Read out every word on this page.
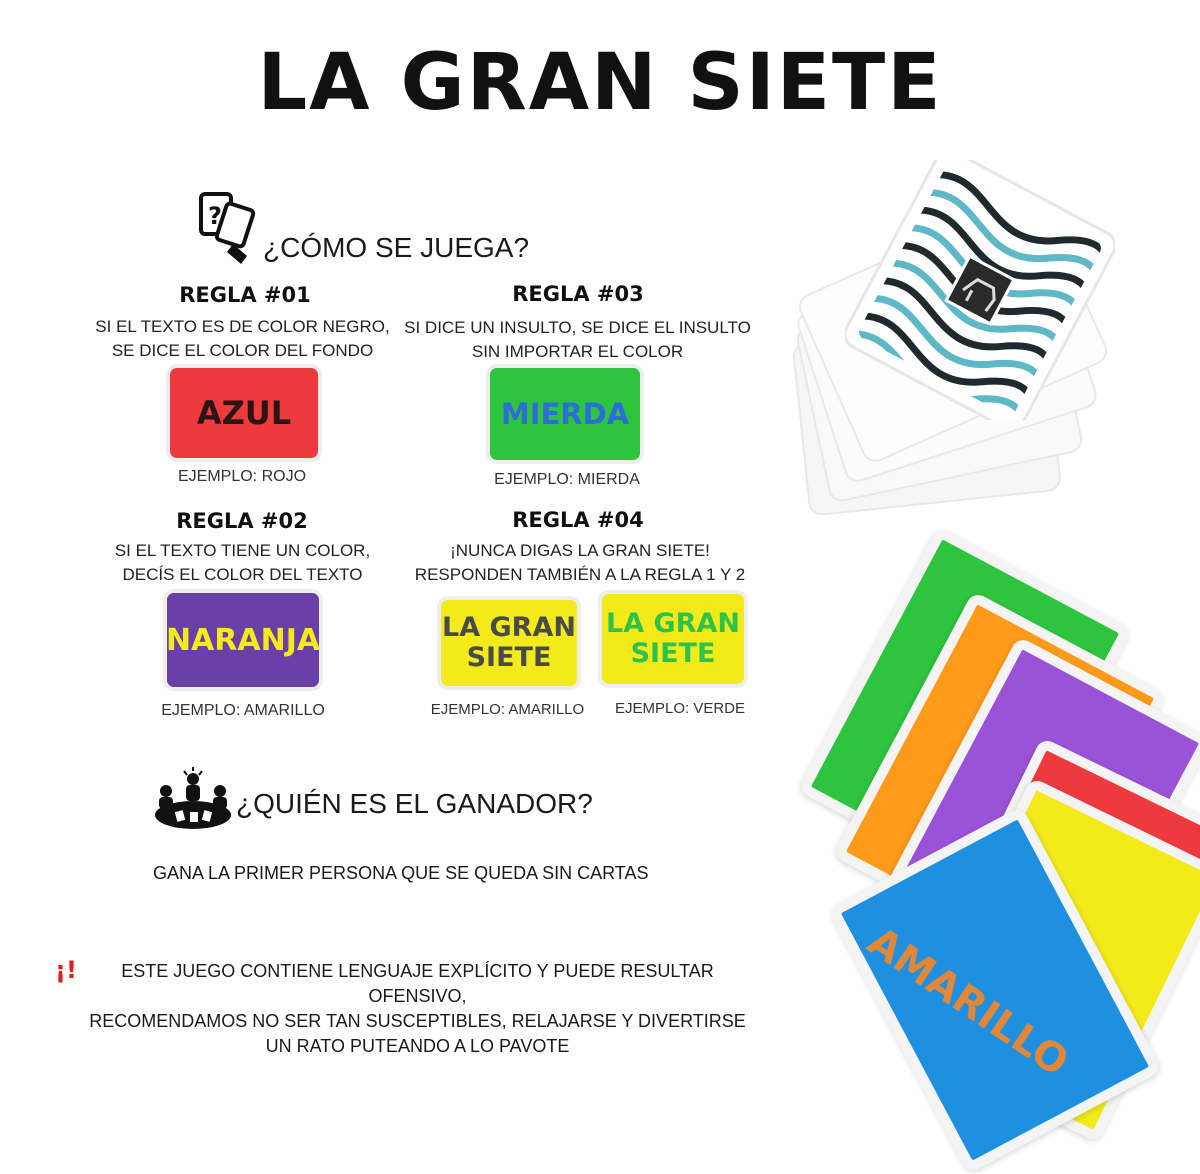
LA GRAN SIETE
?
¿CÓMO SE JUEGA?
REGLA #01
SI EL TEXTO ES DE COLOR NEGRO,
SE DICE EL COLOR DEL FONDO
AZUL
EJEMPLO: ROJO
REGLA #02
SI EL TEXTO TIENE UN COLOR,
DECÍS EL COLOR DEL TEXTO
NARANJA
EJEMPLO: AMARILLO
REGLA #03
SI DICE UN INSULTO, SE DICE EL INSULTO
SIN IMPORTAR EL COLOR
MIERDA
EJEMPLO: MIERDA
REGLA #04
¡NUNCA DIGAS LA GRAN SIETE!
RESPONDEN TAMBIÉN A LA REGLA 1 Y 2
LA GRAN
SIETE
EJEMPLO: AMARILLO
LA GRAN
SIETE
EJEMPLO: VERDE
¿QUIÉN ES EL GANADOR?
GANA LA PRIMER PERSONA QUE SE QUEDA SIN CARTAS
¡!	ESTE JUEGO CONTIENE LENGUAJE EXPLÍCITO Y PUEDE RESULTAR OFENSIVO,
RECOMENDAMOS NO SER TAN SUSCEPTIBLES, RELAJARSE Y DIVERTIRSE
UN RATO PUTEANDO A LO PAVOTE	AMARILLO
